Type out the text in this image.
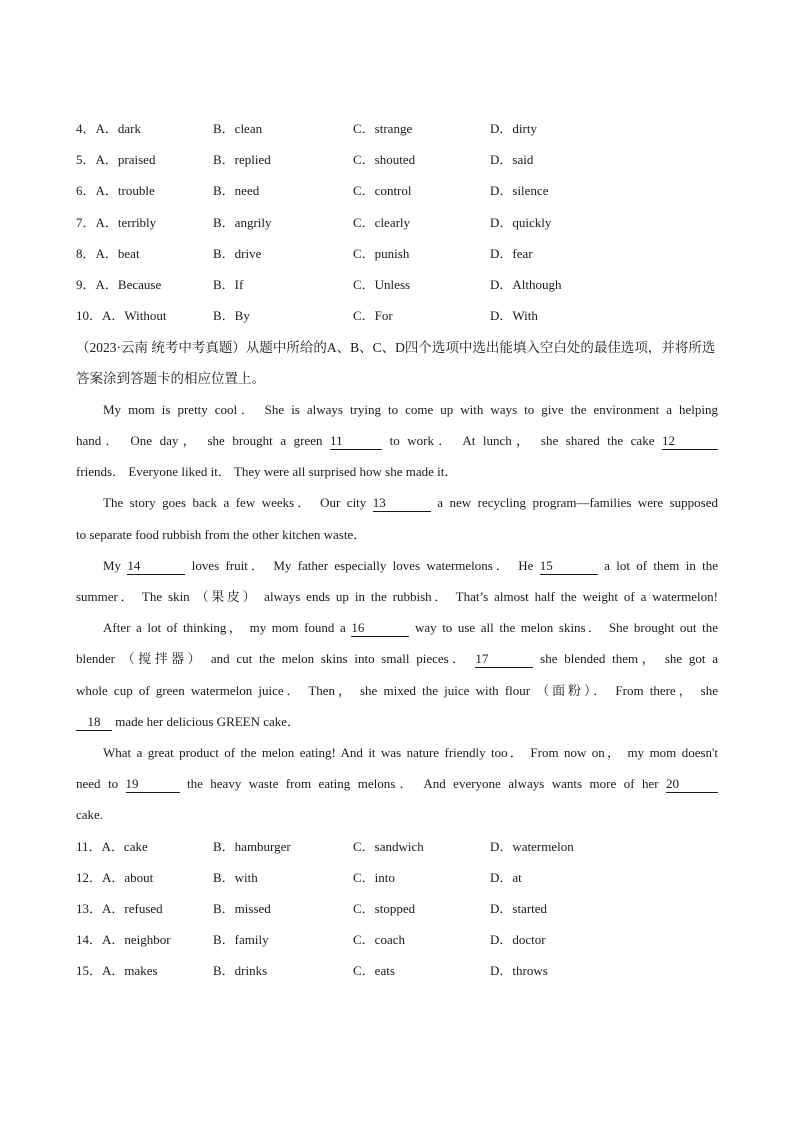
4．A．dark	B．clean	C．strange	D．dirty
5．A．praised	B．replied	C．shouted	D．said
6．A．trouble	B．need	C．control	D．silence
7．A．terribly	B．angrily	C．clearly	D．quickly
8．A．beat	B．drive	C．punish	D．fear
9．A．Because	B．If	C．Unless	D．Although
10．A．Without	B．By	C．For	D．With
（2023·云南 统考中考真题）从题中所给的A、B、C、D四个选项中选出能填入空白处的最佳选项，并将所选答案涂到答题卡的相应位置上。
My mom is pretty cool． She is always trying to come up with ways to give the environment a helping
hand． One day， she brought a green 11	to work． At lunch， she shared the cake 12
friends． Everyone liked it． They were all surprised how she made it．
The story goes back a few weeks． Our city 13	a new recycling program—families were supposed
to separate food rubbish from the other kitchen waste．
My 14	loves fruit． My father especially loves watermelons． He 15	a lot of them in the
summer． The skin （果皮） always ends up in the rubbish． That’s almost half the weight of a watermelon!
After a lot of thinking， my mom found a 16	way to use all the melon skins． She brought out the
blender （搅拌器） and cut the melon skins into small pieces． 17	she blended them， she got a
whole cup of green watermelon juice． Then， she mixed the juice with flour （面粉）． From there， she
18 made her delicious GREEN cake．
What a great product of the melon eating! And it was nature friendly too． From now on， my mom doesn't
need to 19	the heavy waste from eating melons． And everyone always wants more of her 20
cake.
11．A．cake	B．hamburger	C．sandwich	D．watermelon
12．A．about	B．with	C．into	D．at
13．A．refused	B．missed	C．stopped	D．started
14．A．neighbor	B．family	C．coach	D．doctor
15．A．makes	B．drinks	C．eats	D．throws
